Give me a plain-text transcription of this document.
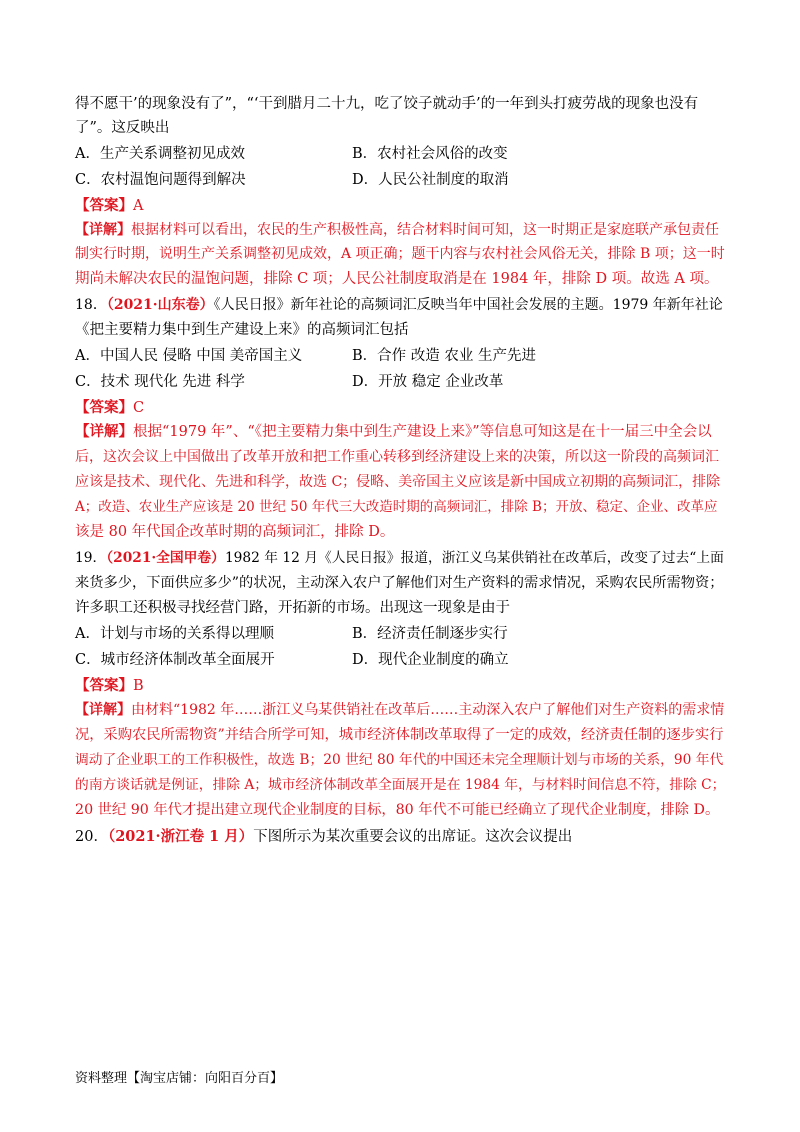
得不愿干’的现象没有了”，“‘干到腊月二十九，吃了饺子就动手’的一年到头打疲劳战的现象也没有
了”。这反映出
A．生产关系调整初见成效	B．农村社会风俗的改变
C．农村温饱问题得到解决	D．人民公社制度的取消
【答案】A
【详解】根据材料可以看出，农民的生产积极性高，结合材料时间可知，这一时期正是家庭联产承包责任
制实行时期，说明生产关系调整初见成效，A 项正确；题干内容与农村社会风俗无关，排除 B 项；这一时
期尚未解决农民的温饱问题，排除 C 项；人民公社制度取消是在 1984 年，排除 D 项。故选 A 项。
18．（2021·山东卷）《人民日报》新年社论的高频词汇反映当年中国社会发展的主题。1979 年新年社论
《把主要精力集中到生产建设上来》的高频词汇包括
A．中国人民 侵略 中国 美帝国主义	B．合作 改造 农业 生产先进
C．技术 现代化 先进 科学	D．开放 稳定 企业改革
【答案】C
【详解】根据“1979 年”、“《把主要精力集中到生产建设上来》”等信息可知这是在十一届三中全会以
后，这次会议上中国做出了改革开放和把工作重心转移到经济建设上来的决策，所以这一阶段的高频词汇
应该是技术、现代化、先进和科学，故选 C；侵略、美帝国主义应该是新中国成立初期的高频词汇，排除
A；改造、农业生产应该是 20 世纪 50 年代三大改造时期的高频词汇，排除 B；开放、稳定、企业、改革应
该是 80 年代国企改革时期的高频词汇，排除 D。
19．（2021·全国甲卷）1982 年 12 月《人民日报》报道，浙江义乌某供销社在改革后，改变了过去“上面
来货多少，下面供应多少”的状况，主动深入农户了解他们对生产资料的需求情况，采购农民所需物资；
许多职工还积极寻找经营门路，开拓新的市场。出现这一现象是由于
A．计划与市场的关系得以理顺	B．经济责任制逐步实行
C．城市经济体制改革全面展开	D．现代企业制度的确立
【答案】B
【详解】由材料“1982 年……浙江义乌某供销社在改革后……主动深入农户了解他们对生产资料的需求情
况，采购农民所需物资”并结合所学可知，城市经济体制改革取得了一定的成效，经济责任制的逐步实行
调动了企业职工的工作积极性，故选 B；20 世纪 80 年代的中国还未完全理顺计划与市场的关系，90 年代
的南方谈话就是例证，排除 A；城市经济体制改革全面展开是在 1984 年，与材料时间信息不符，排除 C；
20 世纪 90 年代才提出建立现代企业制度的目标，80 年代不可能已经确立了现代企业制度，排除 D。
20．（2021·浙江卷 1 月）下图所示为某次重要会议的出席证。这次会议提出
资料整理【淘宝店铺：向阳百分百】
